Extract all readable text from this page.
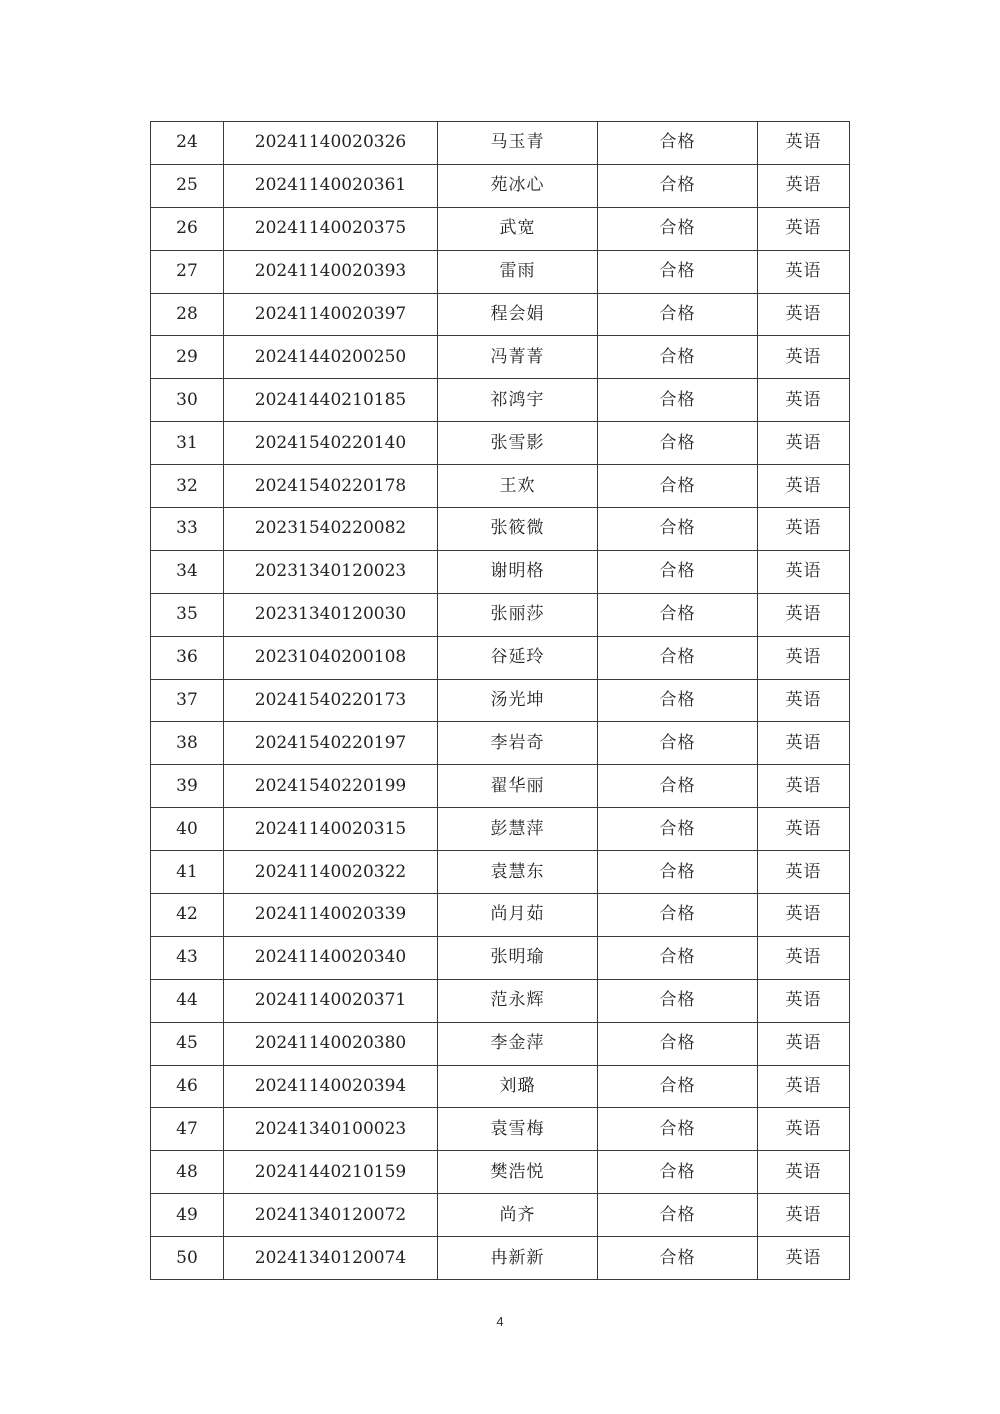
24	20241140020326	马玉青	合格	英语
25	20241140020361	苑冰心	合格	英语
26	20241140020375	武宽	合格	英语
27	20241140020393	雷雨	合格	英语
28	20241140020397	程会娟	合格	英语
29	20241440200250	冯菁菁	合格	英语
30	20241440210185	祁鸿宇	合格	英语
31	20241540220140	张雪影	合格	英语
32	20241540220178	王欢	合格	英语
33	20231540220082	张筱微	合格	英语
34	20231340120023	谢明格	合格	英语
35	20231340120030	张丽莎	合格	英语
36	20231040200108	谷延玲	合格	英语
37	20241540220173	汤光坤	合格	英语
38	20241540220197	李岩奇	合格	英语
39	20241540220199	翟华丽	合格	英语
40	20241140020315	彭慧萍	合格	英语
41	20241140020322	袁慧东	合格	英语
42	20241140020339	尚月茹	合格	英语
43	20241140020340	张明瑜	合格	英语
44	20241140020371	范永辉	合格	英语
45	20241140020380	李金萍	合格	英语
46	20241140020394	刘璐	合格	英语
47	20241340100023	袁雪梅	合格	英语
48	20241440210159	樊浩悦	合格	英语
49	20241340120072	尚齐	合格	英语
50	20241340120074	冉新新	合格	英语
4
